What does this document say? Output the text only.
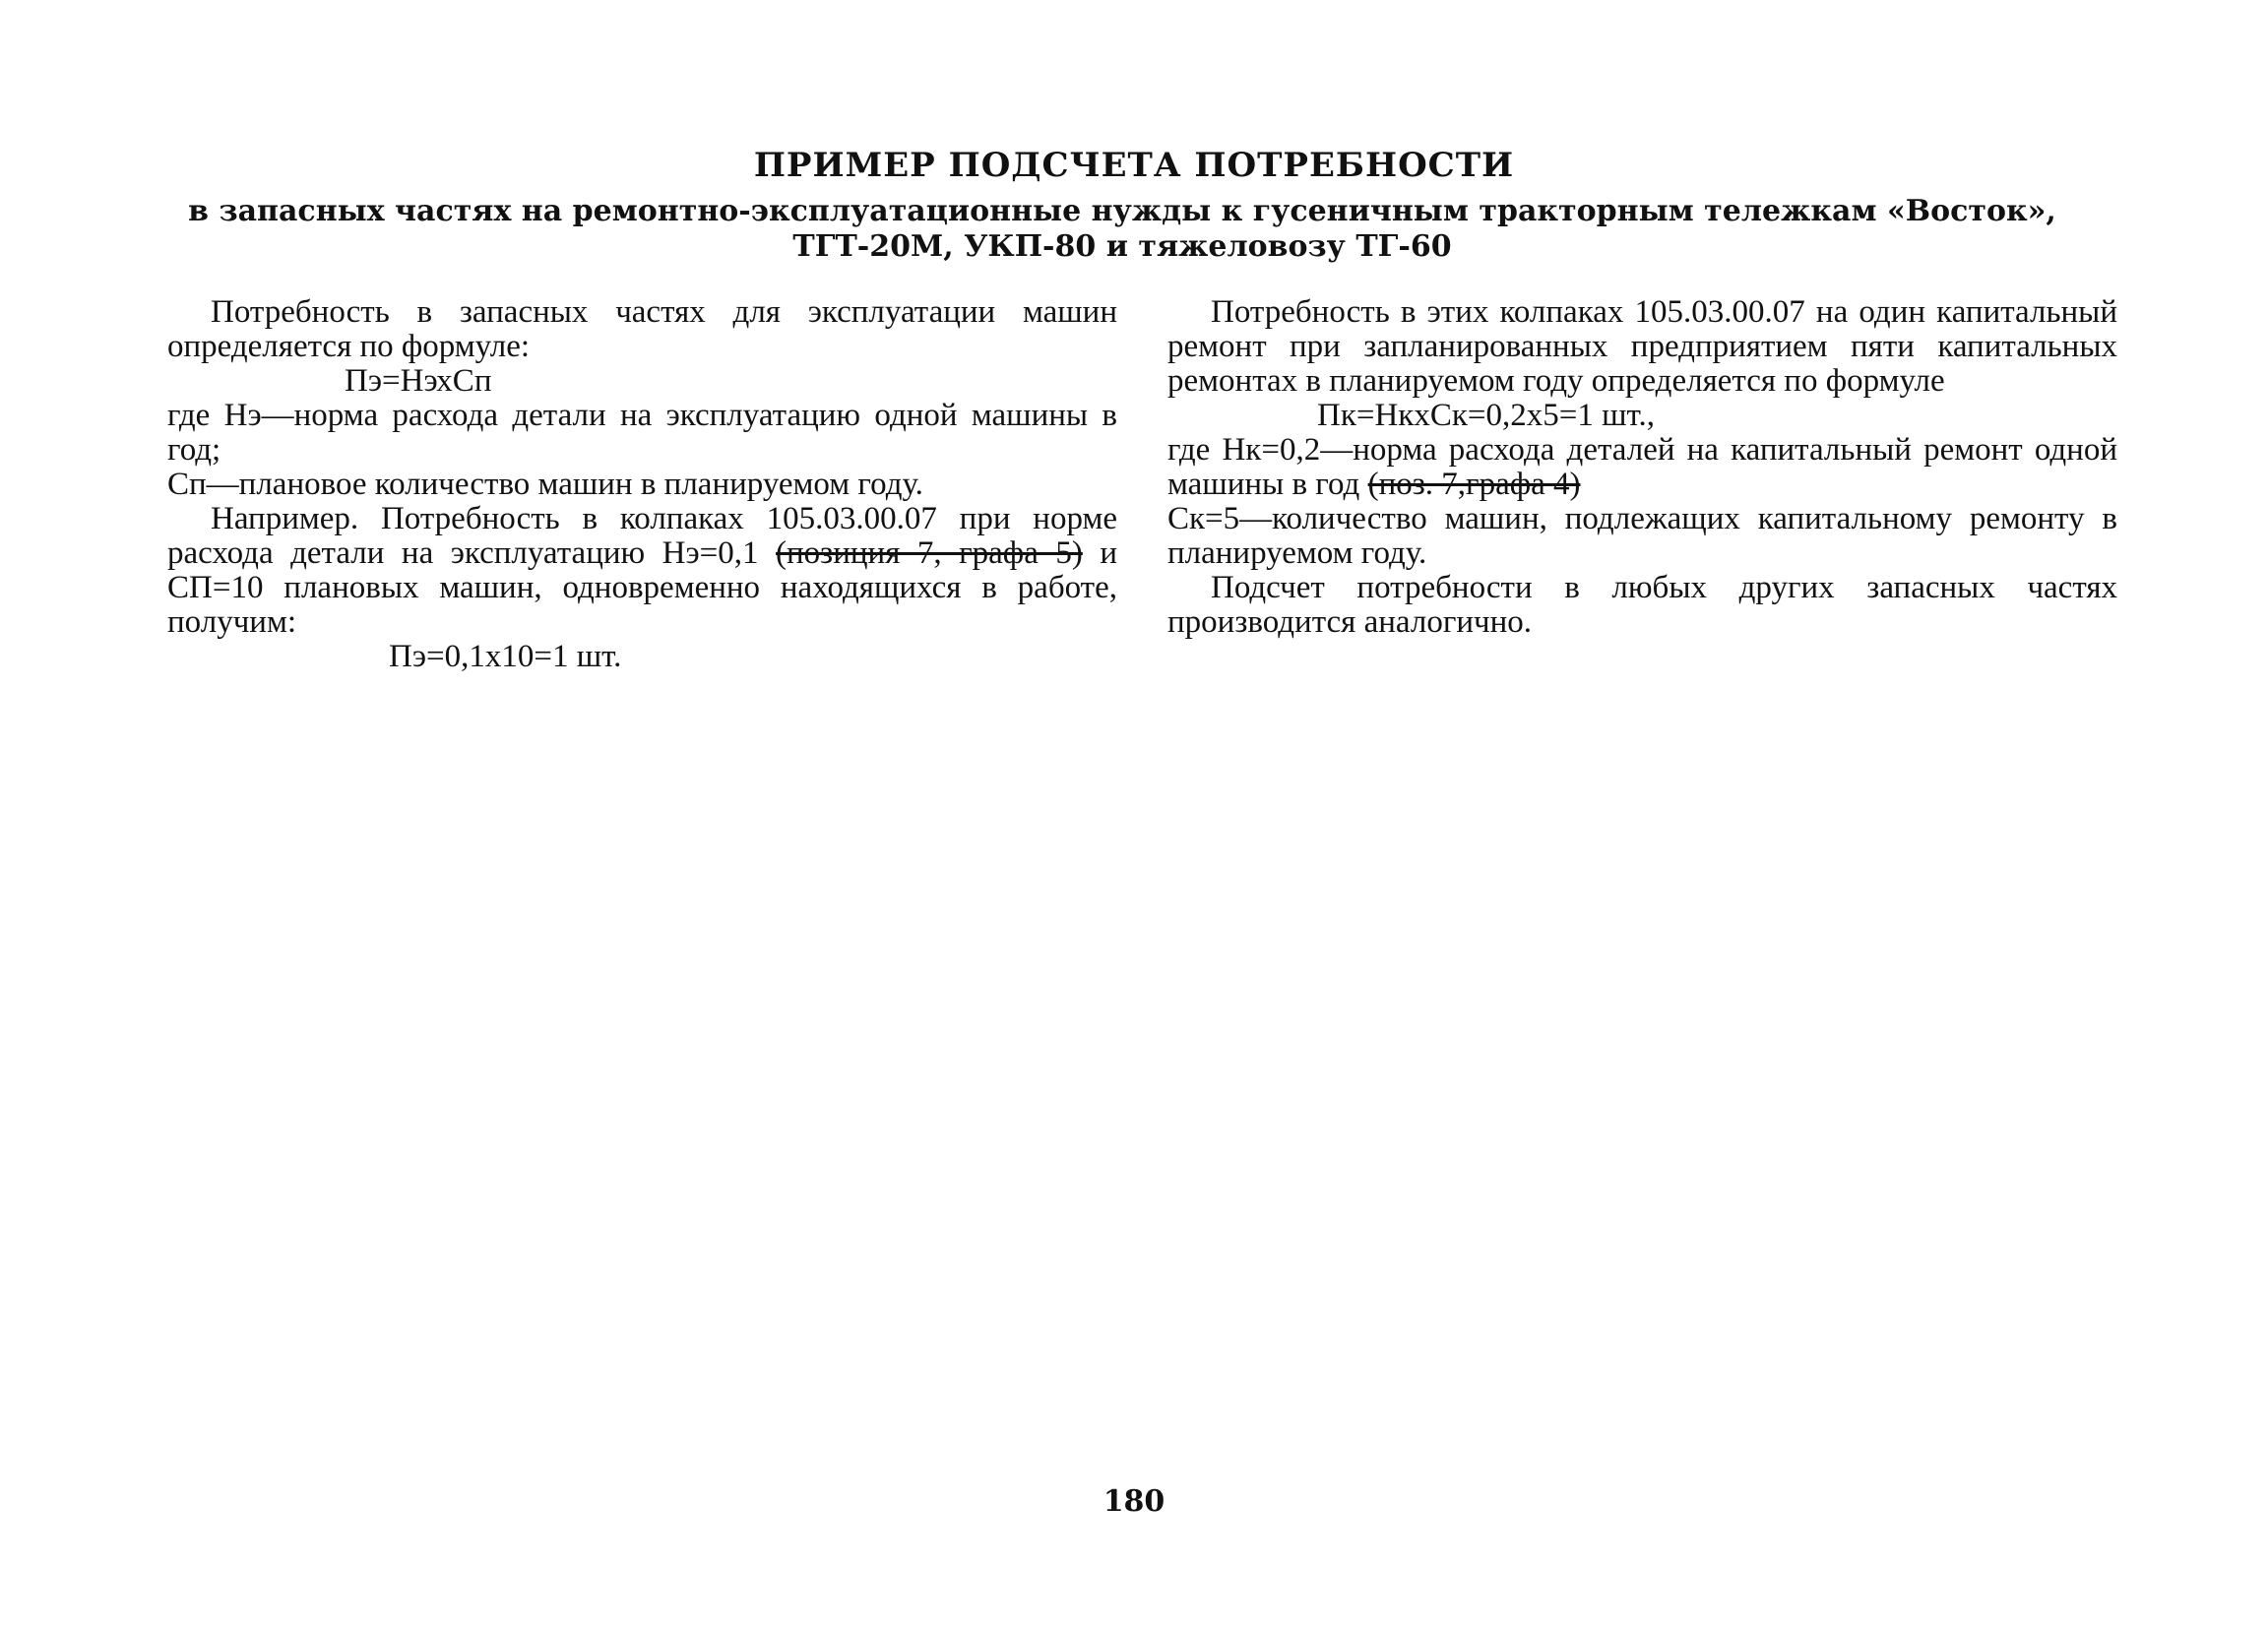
ПРИМЕР ПОДСЧЕТА ПОТРЕБНОСТИ
в запасных частях на ремонтно-эксплуатационные нужды к гусеничным тракторным тележкам «Восток», ТГТ-20М, УКП-80 и тяжеловозу ТГ-60

Потребность в запасных частях для эксплуатации машин определяется по формуле:

Пэ=НэхСп

где Нэ—норма расхода детали на эксплуатацию одной машины в год;

Сп—плановое количество машин в планируемом году.

Например. Потребность в колпаках 105.03.00.07 при норме расхода детали на эксплуатацию Нэ=0,1 (позиция 7, графа 5) и СП=10 плановых машин, одновременно находящихся в работе, получим:

Пэ=0,1х10=1 шт.

Потребность в этих колпаках 105.03.00.07 на один капитальный ремонт при запланированных предприятием пяти капитальных ремонтах в планируемом году определяется по формуле

Пк=НкхСк=0,2х5=1 шт.,

где Нк=0,2—норма расхода деталей на капитальный ремонт одной машины в год (поз. 7,графа 4)

Ск=5—количество машин, подлежащих капитальному ремонту в планируемом году.

Подсчет потребности в любых других запасных частях производится аналогично.

180
